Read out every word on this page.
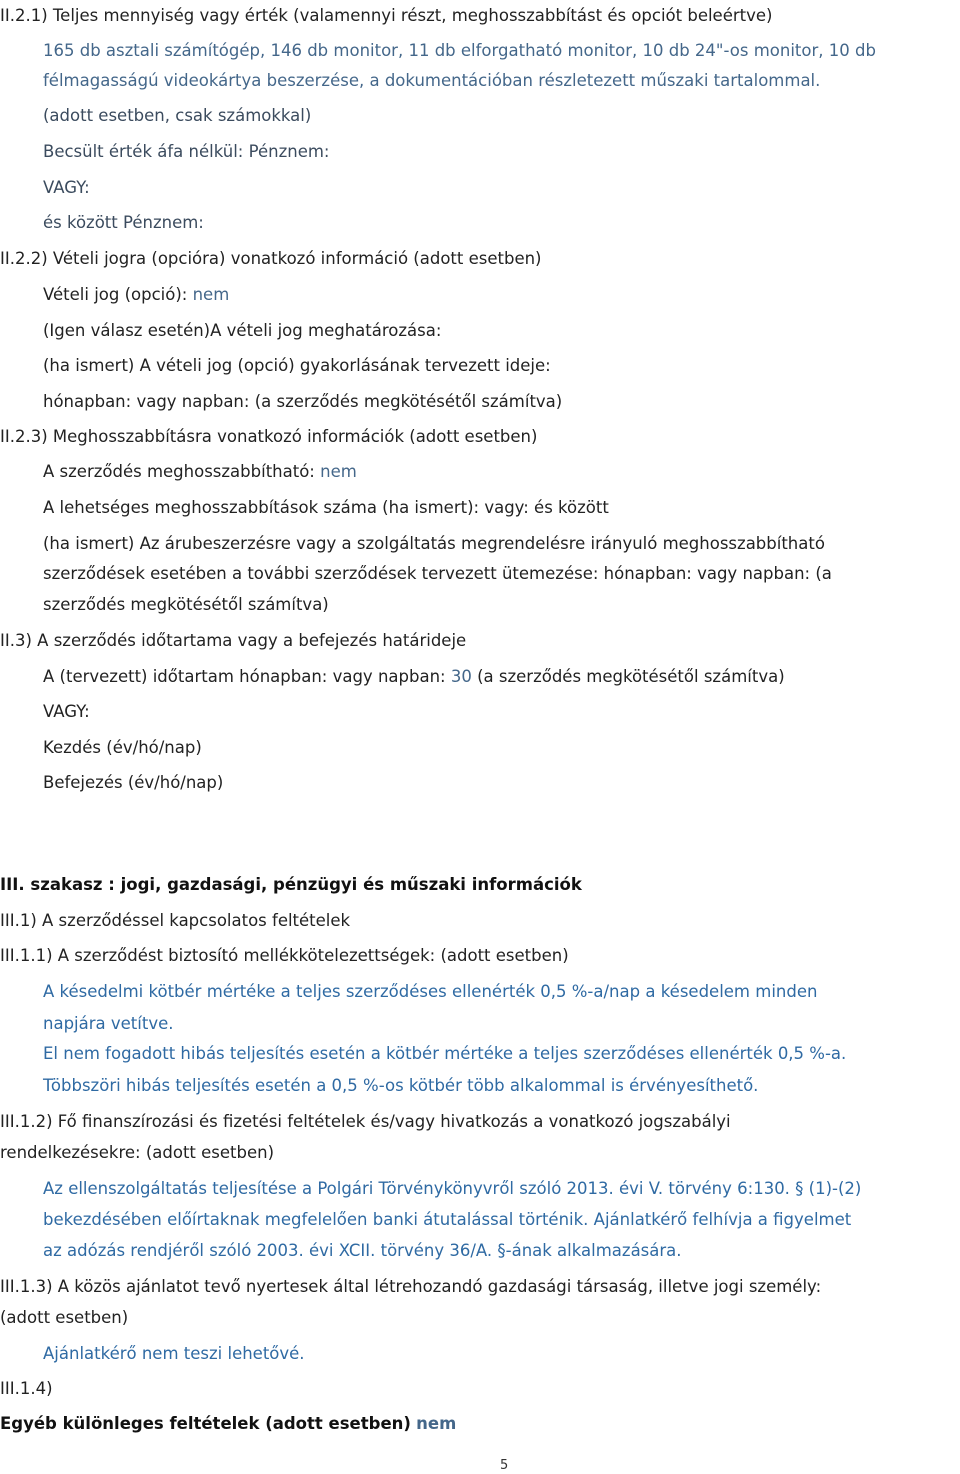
II.2.1) Teljes mennyiség vagy érték (valamennyi részt, meghosszabbítást és opciót beleértve)
165 db asztali számítógép, 146 db monitor, 11 db elforgatható monitor, 10 db 24"-os monitor, 10 db
félmagasságú videokártya beszerzése, a dokumentációban részletezett műszaki tartalommal.
(adott esetben, csak számokkal)
Becsült érték áfa nélkül: Pénznem:
VAGY:
és között Pénznem:
II.2.2) Vételi jogra (opcióra) vonatkozó információ (adott esetben)
Vételi jog (opció): nem
(Igen válasz esetén)A vételi jog meghatározása:
(ha ismert) A vételi jog (opció) gyakorlásának tervezett ideje:
hónapban: vagy napban: (a szerződés megkötésétől számítva)
II.2.3) Meghosszabbításra vonatkozó információk (adott esetben)
A szerződés meghosszabbítható: nem
A lehetséges meghosszabbítások száma (ha ismert): vagy: és között
(ha ismert) Az árubeszerzésre vagy a szolgáltatás megrendelésre irányuló meghosszabbítható
szerződések esetében a további szerződések tervezett ütemezése: hónapban: vagy napban: (a
szerződés megkötésétől számítva)
II.3) A szerződés időtartama vagy a befejezés határideje
A (tervezett) időtartam hónapban: vagy napban: 30 (a szerződés megkötésétől számítva)
VAGY:
Kezdés (év/hó/nap)
Befejezés (év/hó/nap)
III. szakasz : jogi, gazdasági, pénzügyi és műszaki információk
III.1) A szerződéssel kapcsolatos feltételek
III.1.1) A szerződést biztosító mellékkötelezettségek: (adott esetben)
A késedelmi kötbér mértéke a teljes szerződéses ellenérték 0,5 %-a/nap a késedelem minden
napjára vetítve.
El nem fogadott hibás teljesítés esetén a kötbér mértéke a teljes szerződéses ellenérték 0,5 %-a.
Többszöri hibás teljesítés esetén a 0,5 %-os kötbér több alkalommal is érvényesíthető.
III.1.2) Fő finanszírozási és fizetési feltételek és/vagy hivatkozás a vonatkozó jogszabályi
rendelkezésekre: (adott esetben)
Az ellenszolgáltatás teljesítése a Polgári Törvénykönyvről szóló 2013. évi V. törvény 6:130. § (1)-(2)
bekezdésében előírtaknak megfelelően banki átutalással történik. Ajánlatkérő felhívja a figyelmet
az adózás rendjéről szóló 2003. évi XCII. törvény 36/A. §-ának alkalmazására.
III.1.3) A közös ajánlatot tevő nyertesek által létrehozandó gazdasági társaság, illetve jogi személy:
(adott esetben)
Ajánlatkérő nem teszi lehetővé.
III.1.4)
Egyéb különleges feltételek (adott esetben) nem
5
